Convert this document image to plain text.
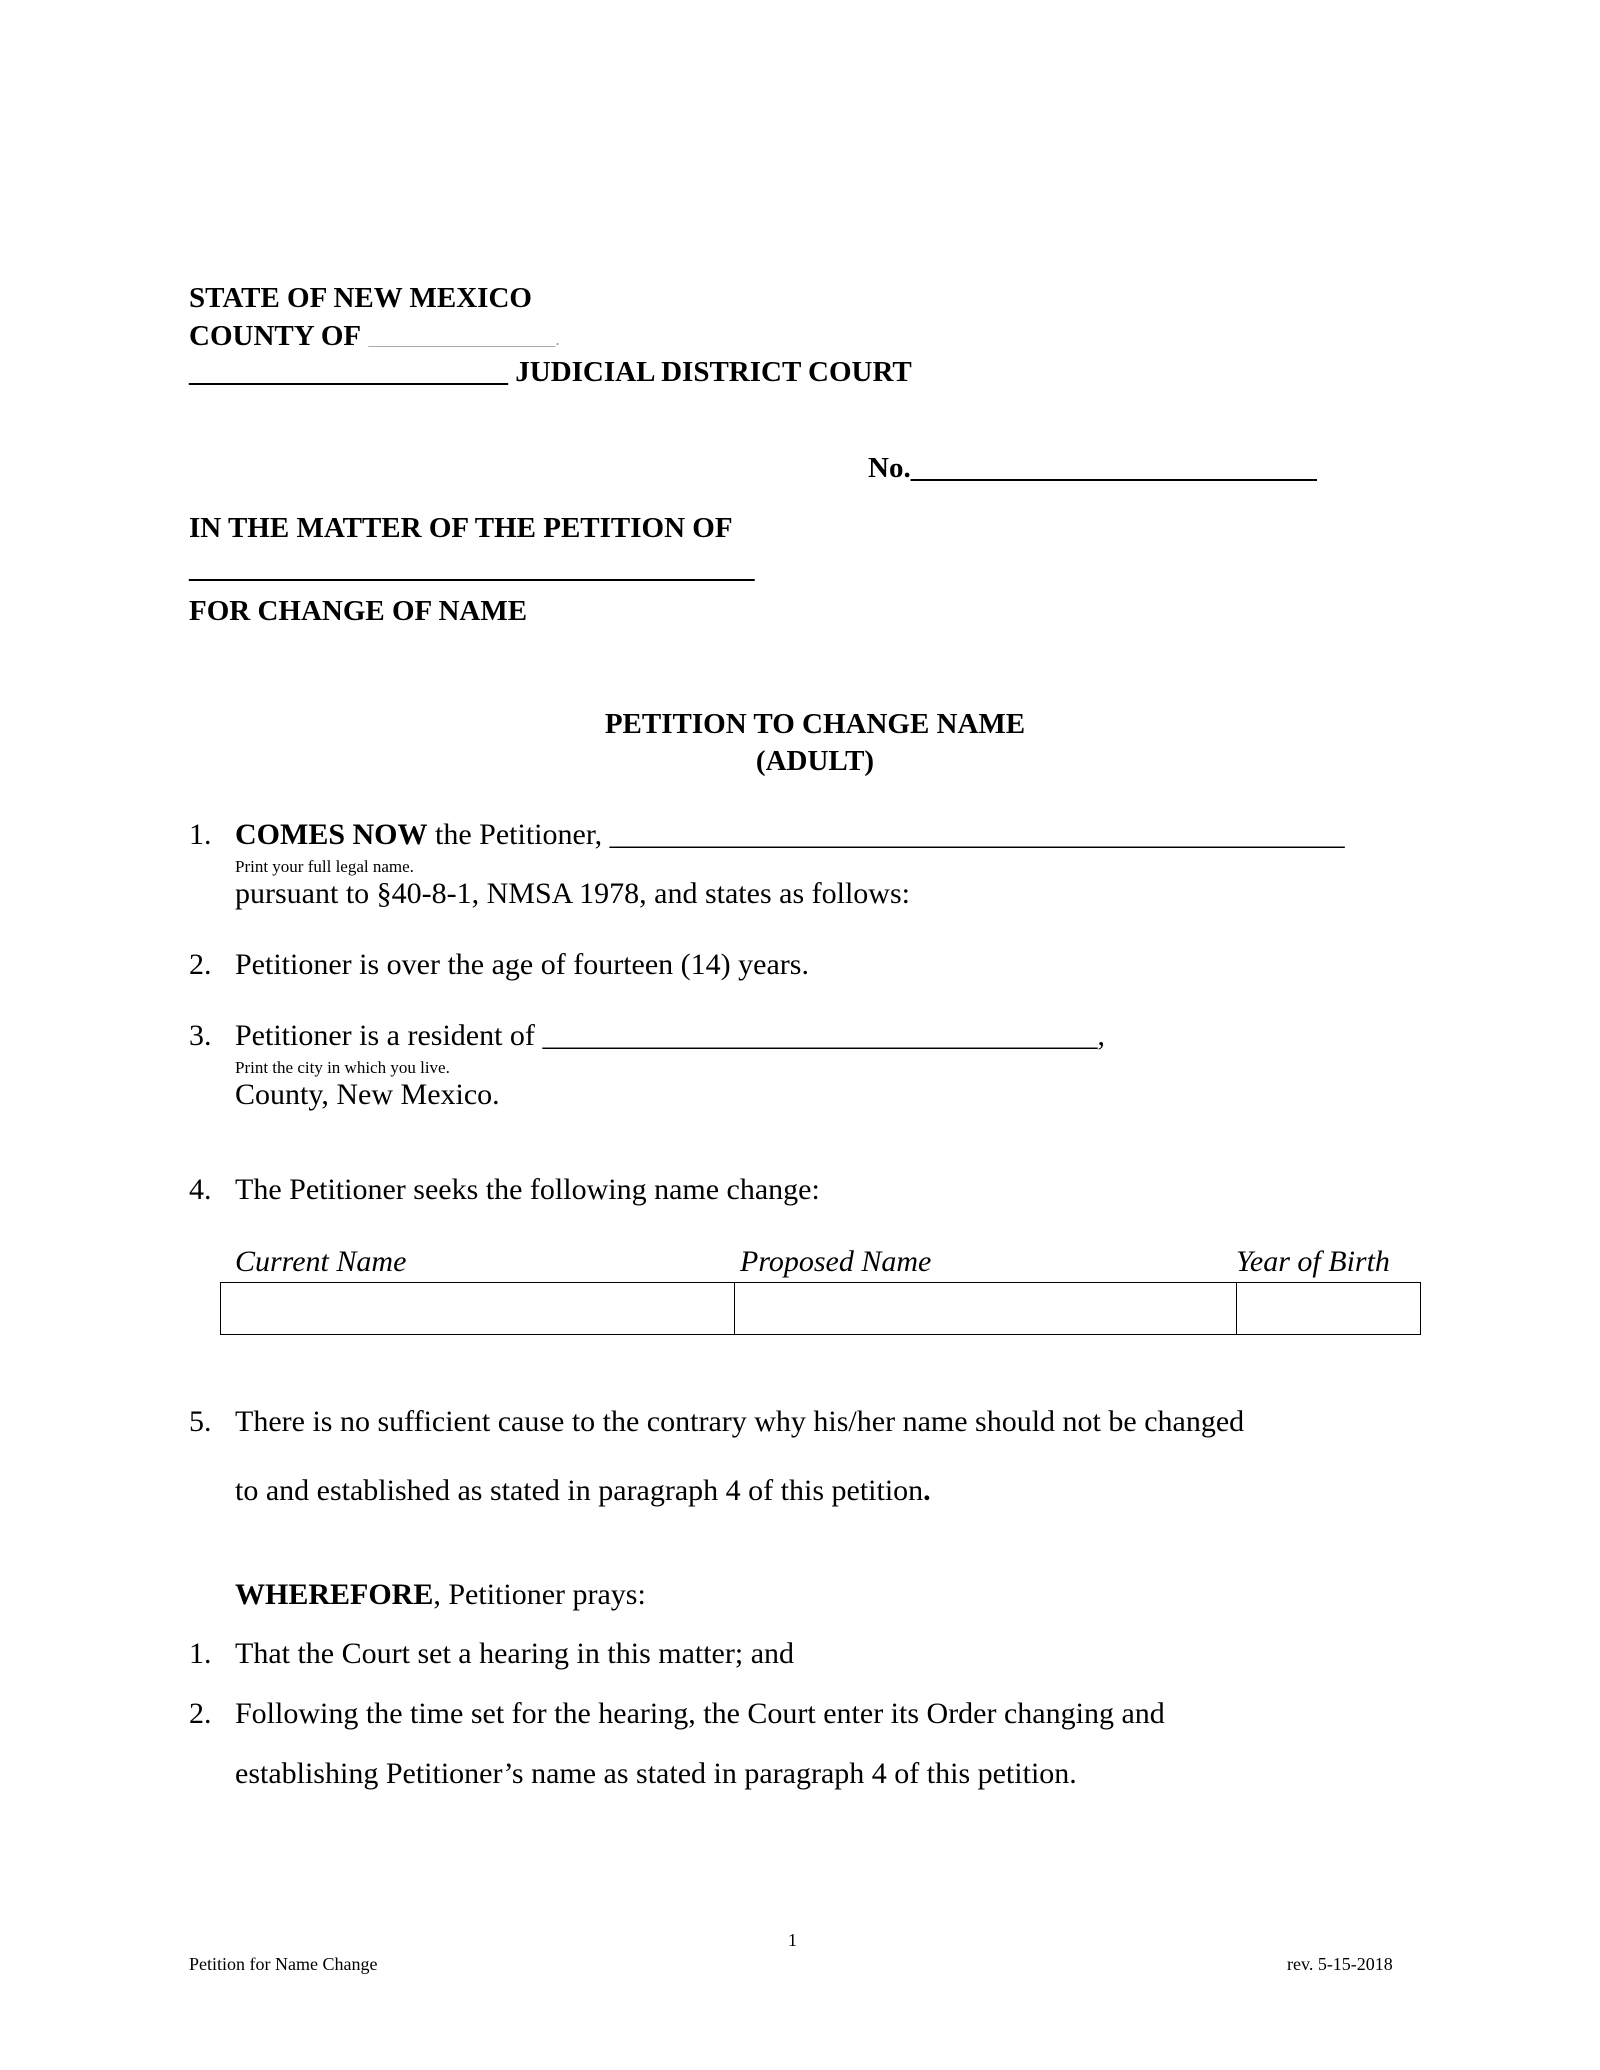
STATE OF NEW MEXICO
COUNTY OF ______________________.
______________________ JUDICIAL DISTRICT COURT
No.____________________________
IN THE MATTER OF THE PETITION OF
_______________________________________
FOR CHANGE OF NAME
PETITION TO CHANGE NAME
(ADULT)
1. COMES NOW the Petitioner, _________________________________________________
Print your full legal name.
pursuant to §40-8-1, NMSA 1978, and states as follows:
2. Petitioner is over the age of fourteen (14) years.
3. Petitioner is a resident of _____________________________________,
Print the city in which you live.
County, New Mexico.
4. The Petitioner seeks the following name change:
Current Name	Proposed Name	Year of Birth
5. There is no sufficient cause to the contrary why his/her name should not be changed
to and established as stated in paragraph 4 of this petition.
WHEREFORE, Petitioner prays:
1. That the Court set a hearing in this matter; and
2. Following the time set for the hearing, the Court enter its Order changing and
establishing Petitioner’s name as stated in paragraph 4 of this petition.
1
Petition for Name Change	rev. 5-15-2018
